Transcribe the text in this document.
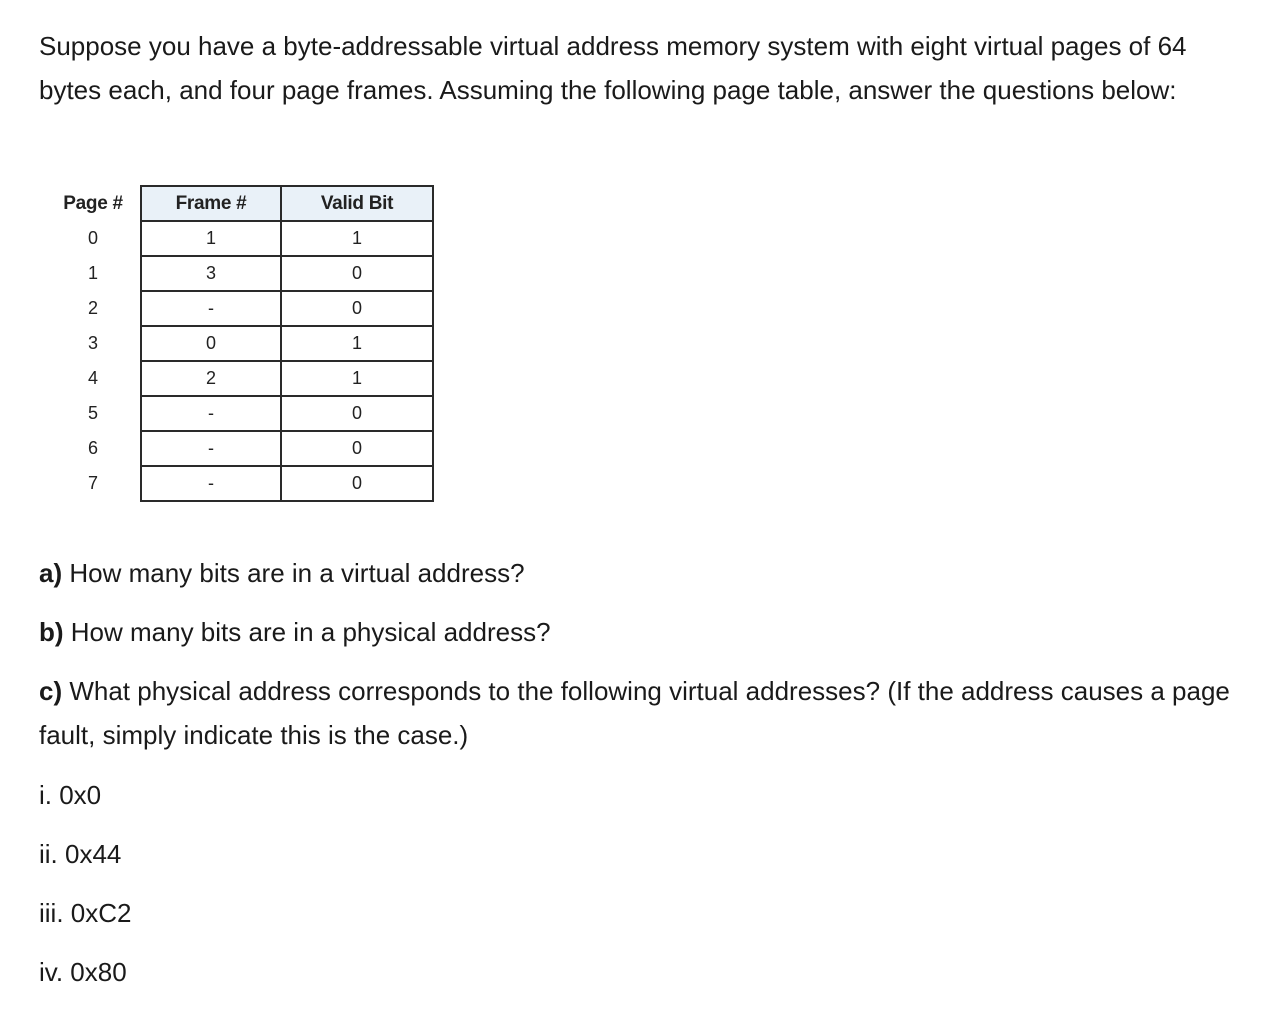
Suppose you have a byte-addressable virtual address memory system with eight virtual pages of 64 bytes each, and four page frames. Assuming the following page table, answer the questions below:

Page #	Frame #	Valid Bit
0	1	1
1	3	0
2	-	0
3	0	1
4	2	1
5	-	0
6	-	0
7	-	0

a) How many bits are in a virtual address?

b) How many bits are in a physical address?

c) What physical address corresponds to the following virtual addresses? (If the address causes a page fault, simply indicate this is the case.)

i. 0x0

ii. 0x44

iii. 0xC2

iv. 0x80
